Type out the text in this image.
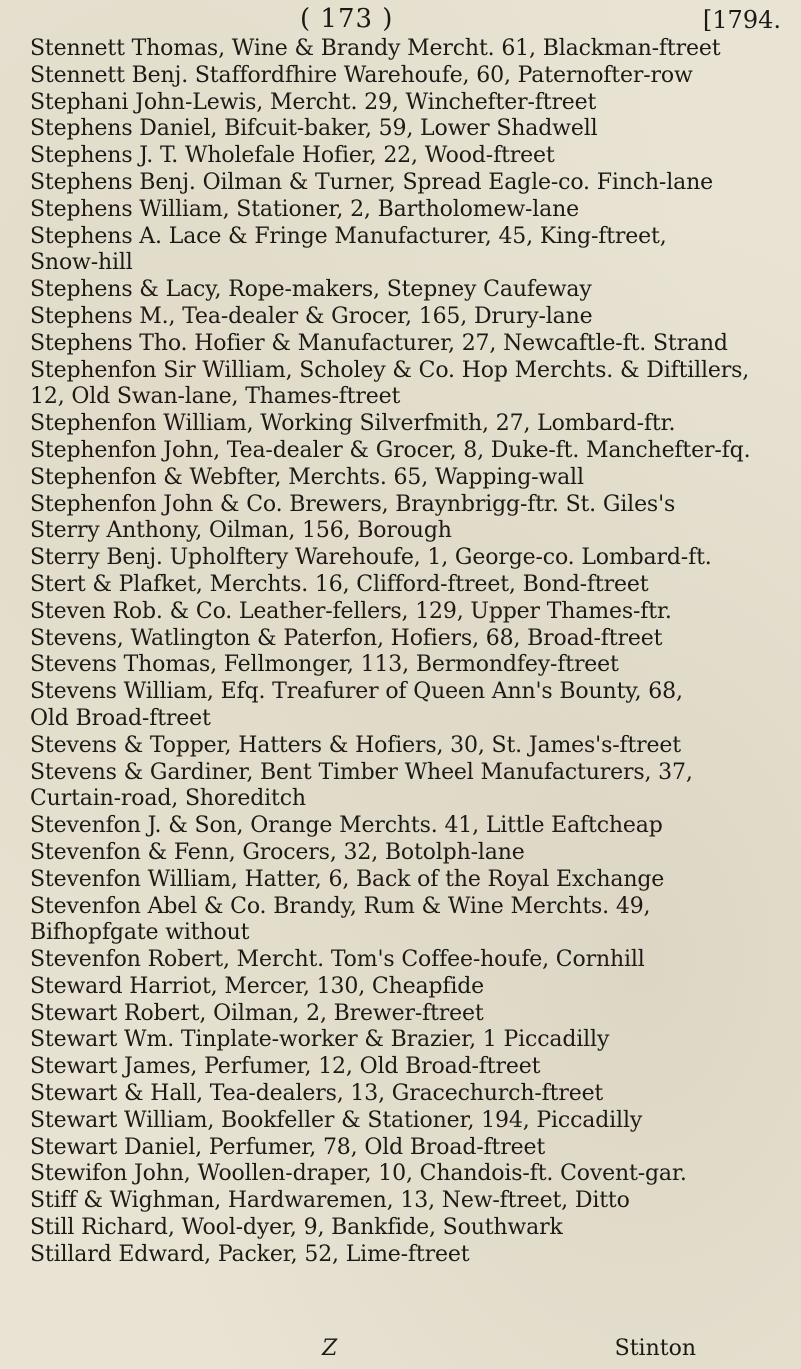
( 173 )	[1794.
Stennett Thomas, Wine & Brandy Mercht. 61, Blackman-ftreet
Stennett Benj. Staffordfhire Warehoufe, 60, Paternofter-row
Stephani John-Lewis, Mercht. 29, Winchefter-ftreet
Stephens Daniel, Bifcuit-baker, 59, Lower Shadwell
Stephens J. T. Wholefale Hofier, 22, Wood-ftreet
Stephens Benj. Oilman & Turner, Spread Eagle-co. Finch-lane
Stephens William, Stationer, 2, Bartholomew-lane
Stephens A. Lace & Fringe Manufacturer, 45, King-ftreet,
Snow-hill
Stephens & Lacy, Rope-makers, Stepney Caufeway
Stephens M., Tea-dealer & Grocer, 165, Drury-lane
Stephens Tho. Hofier & Manufacturer, 27, Newcaftle-ft. Strand
Stephenfon Sir William, Scholey & Co. Hop Merchts. & Diftillers,
12, Old Swan-lane, Thames-ftreet
Stephenfon William, Working Silverfmith, 27, Lombard-ftr.
Stephenfon John, Tea-dealer & Grocer, 8, Duke-ft. Manchefter-fq.
Stephenfon & Webfter, Merchts. 65, Wapping-wall
Stephenfon John & Co. Brewers, Braynbrigg-ftr. St. Giles's
Sterry Anthony, Oilman, 156, Borough
Sterry Benj. Upholftery Warehoufe, 1, George-co. Lombard-ft.
Stert & Plafket, Merchts. 16, Clifford-ftreet, Bond-ftreet
Steven Rob. & Co. Leather-fellers, 129, Upper Thames-ftr.
Stevens, Watlington & Paterfon, Hofiers, 68, Broad-ftreet
Stevens Thomas, Fellmonger, 113, Bermondfey-ftreet
Stevens William, Efq. Treafurer of Queen Ann's Bounty, 68,
Old Broad-ftreet
Stevens & Topper, Hatters & Hofiers, 30, St. James's-ftreet
Stevens & Gardiner, Bent Timber Wheel Manufacturers, 37,
Curtain-road, Shoreditch
Stevenfon J. & Son, Orange Merchts. 41, Little Eaftcheap
Stevenfon & Fenn, Grocers, 32, Botolph-lane
Stevenfon William, Hatter, 6, Back of the Royal Exchange
Stevenfon Abel & Co. Brandy, Rum & Wine Merchts. 49,
Bifhopfgate without
Stevenfon Robert, Mercht. Tom's Coffee-houfe, Cornhill
Steward Harriot, Mercer, 130, Cheapfide
Stewart Robert, Oilman, 2, Brewer-ftreet
Stewart Wm. Tinplate-worker & Brazier, 1 Piccadilly
Stewart James, Perfumer, 12, Old Broad-ftreet
Stewart & Hall, Tea-dealers, 13, Gracechurch-ftreet
Stewart William, Bookfeller & Stationer, 194, Piccadilly
Stewart Daniel, Perfumer, 78, Old Broad-ftreet
Stewifon John, Woollen-draper, 10, Chandois-ft. Covent-gar.
Stiff & Wighman, Hardwaremen, 13, New-ftreet, Ditto
Still Richard, Wool-dyer, 9, Bankfide, Southwark
Stillard Edward, Packer, 52, Lime-ftreet
Z	Stinton
